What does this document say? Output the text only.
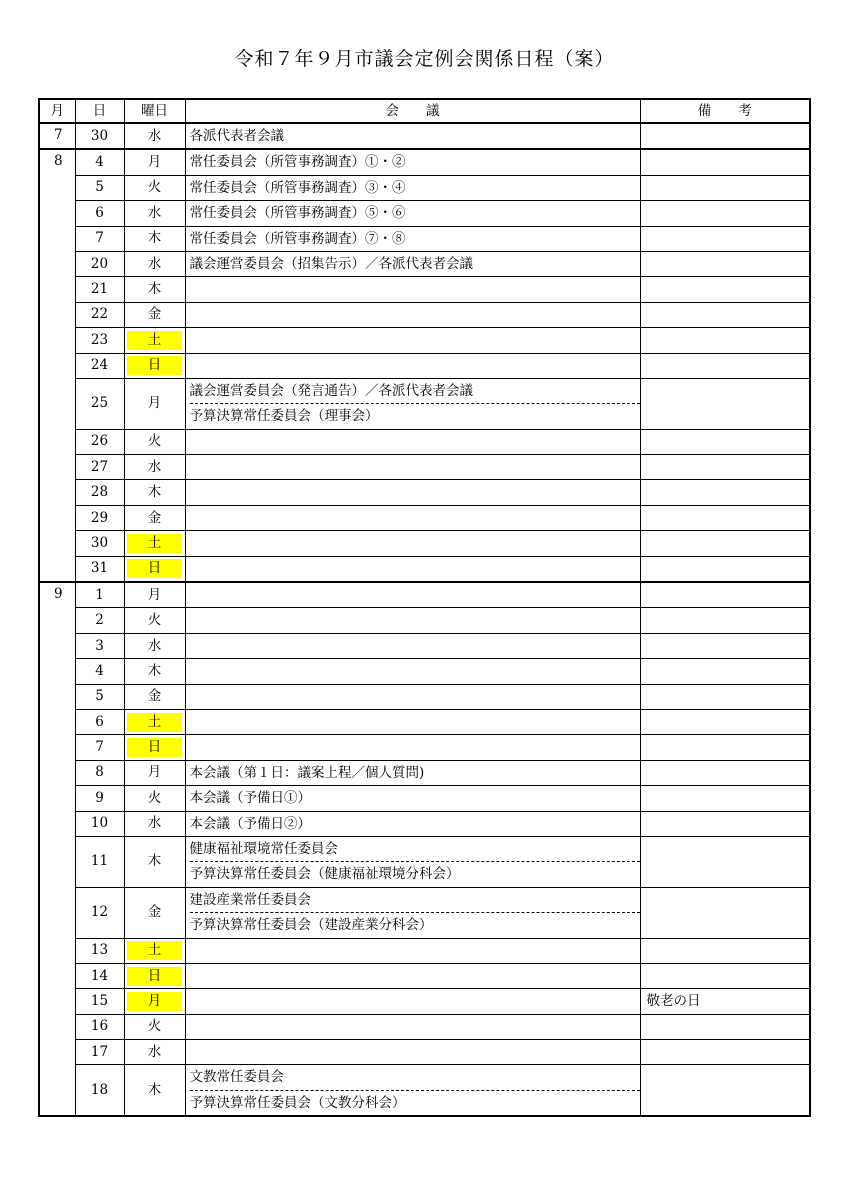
令和７年９月市議会定例会関係日程（案）
月	日	曜日	会　　議	備　　考
7	30	水	各派代表者会議	

8	4	月	常任委員会（所管事務調査）①・②	

	5	火	常任委員会（所管事務調査）③・④	

	6	水	常任委員会（所管事務調査）⑤・⑥	

	7	木	常任委員会（所管事務調査）⑦・⑧	

	20	水	議会運営委員会（招集告示）／各派代表者会議	

	21	木	

	22	金	

	23	土	

	24	日	

	25	月	議会運営委員会（発言通告）／各派代表者会議
予算決算常任委員会（理事会）	

	26	火	

	27	水	

	28	木	

	29	金	

	30	土	

	31	日	

9	1	月	

	2	火	

	3	水	

	4	木	

	5	金	

	6	土	

	7	日	

	8	月	本会議（第１日：議案上程／個人質問)	

	9	火	本会議（予備日①）	

	10	水	本会議（予備日②）	

	11	木	健康福祉環境常任委員会
予算決算常任委員会（健康福祉環境分科会）	

	12	金	建設産業常任委員会
予算決算常任委員会（建設産業分科会）	

	13	土	

	14	日	

	15	月		敬老の日
	16	火	

	17	水	

	18	木	文教常任委員会
予算決算常任委員会（文教分科会）	
